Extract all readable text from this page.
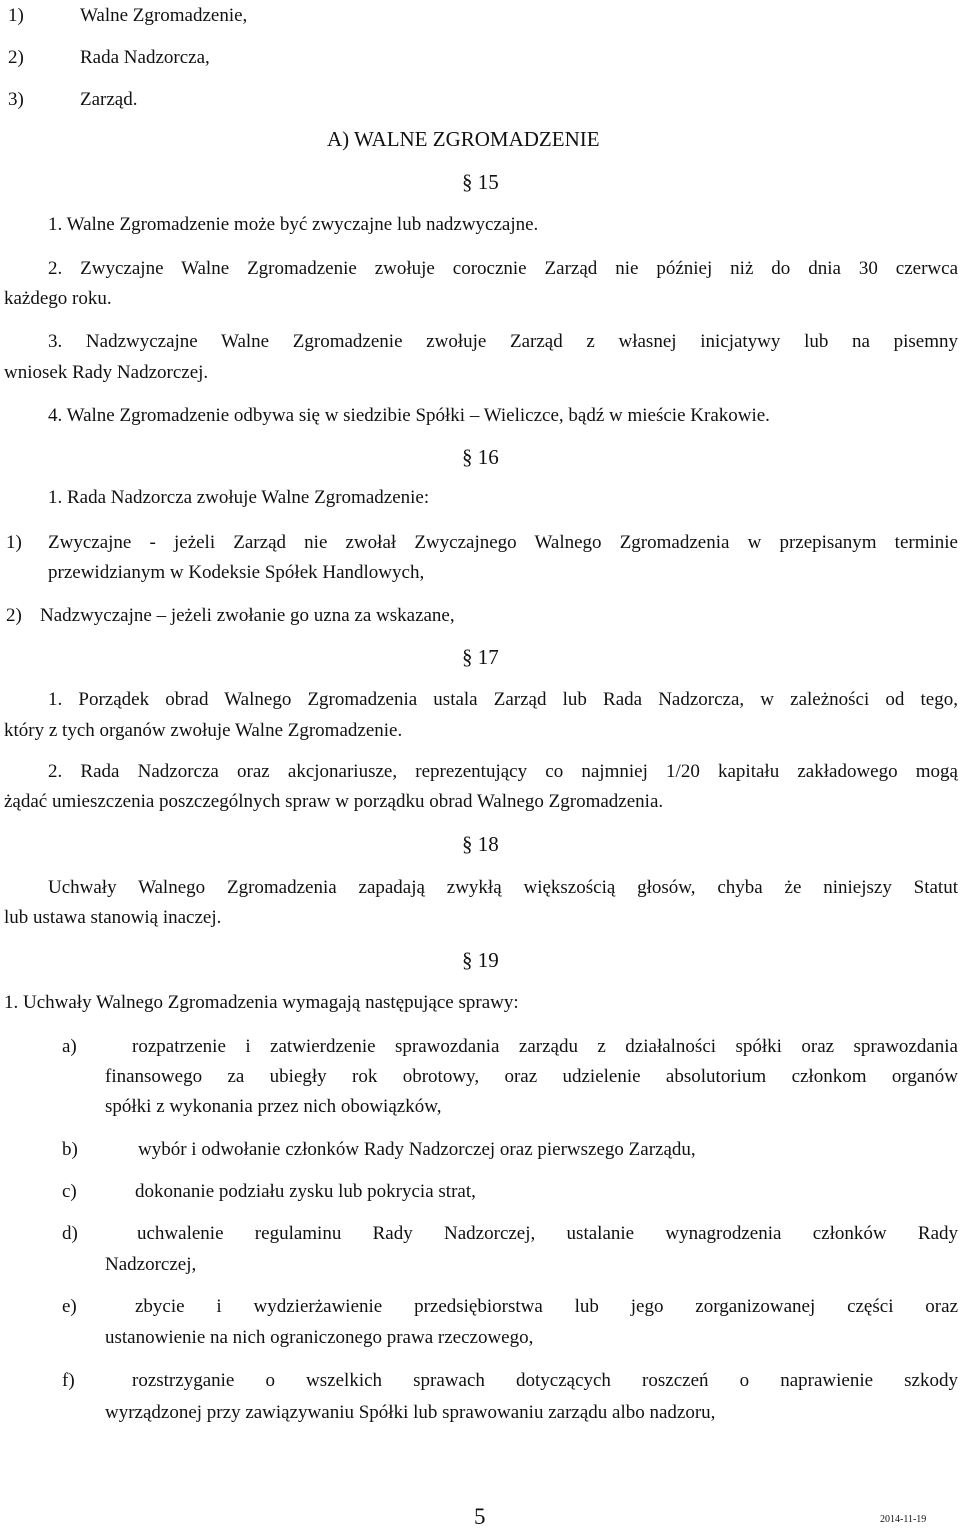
1)	Walne Zgromadzenie,
2)	Rada Nadzorcza,
3)	Zarząd.
A) WALNE ZGROMADZENIE
§ 15
1. Walne Zgromadzenie może być zwyczajne lub nadzwyczajne.
2. Zwyczajne Walne Zgromadzenie zwołuje corocznie Zarząd nie później niż do dnia 30 czerwca
każdego roku.
3. Nadzwyczajne Walne Zgromadzenie zwołuje Zarząd z własnej inicjatywy lub na pisemny
wniosek Rady Nadzorczej.
4. Walne Zgromadzenie odbywa się w siedzibie Spółki – Wieliczce, bądź w mieście Krakowie.
§ 16
1. Rada Nadzorcza zwołuje Walne Zgromadzenie:
1) Zwyczajne - jeżeli Zarząd nie zwołał Zwyczajnego Walnego Zgromadzenia w przepisanym terminie
przewidzianym w Kodeksie Spółek Handlowych,
2) Nadzwyczajne – jeżeli zwołanie go uzna za wskazane,
§ 17
1. Porządek obrad Walnego Zgromadzenia ustala Zarząd lub Rada Nadzorcza, w zależności od tego,
który z tych organów zwołuje Walne Zgromadzenie.
2. Rada Nadzorcza oraz akcjonariusze, reprezentujący co najmniej 1/20 kapitału zakładowego mogą
żądać umieszczenia poszczególnych spraw w porządku obrad Walnego Zgromadzenia.
§ 18
Uchwały Walnego Zgromadzenia zapadają zwykłą większością głosów, chyba że niniejszy Statut
lub ustawa stanowią inaczej.
§ 19
1. Uchwały Walnego Zgromadzenia wymagają następujące sprawy:
a)	rozpatrzenie i zatwierdzenie sprawozdania zarządu z działalności spółki oraz sprawozdania
finansowego za ubiegły rok obrotowy, oraz udzielenie absolutorium członkom organów
spółki z wykonania przez nich obowiązków,
b)	wybór i odwołanie członków Rady Nadzorczej oraz pierwszego Zarządu,
c)	dokonanie podziału zysku lub pokrycia strat,
d)	uchwalenie regulaminu Rady Nadzorczej, ustalanie wynagrodzenia członków Rady
Nadzorczej,
e)	zbycie i wydzierżawienie przedsiębiorstwa lub jego zorganizowanej części oraz
ustanowienie na nich ograniczonego prawa rzeczowego,
f)	rozstrzyganie o wszelkich sprawach dotyczących roszczeń o naprawienie szkody
wyrządzonej przy zawiązywaniu Spółki lub sprawowaniu zarządu albo nadzoru,
5	2014-11-19
